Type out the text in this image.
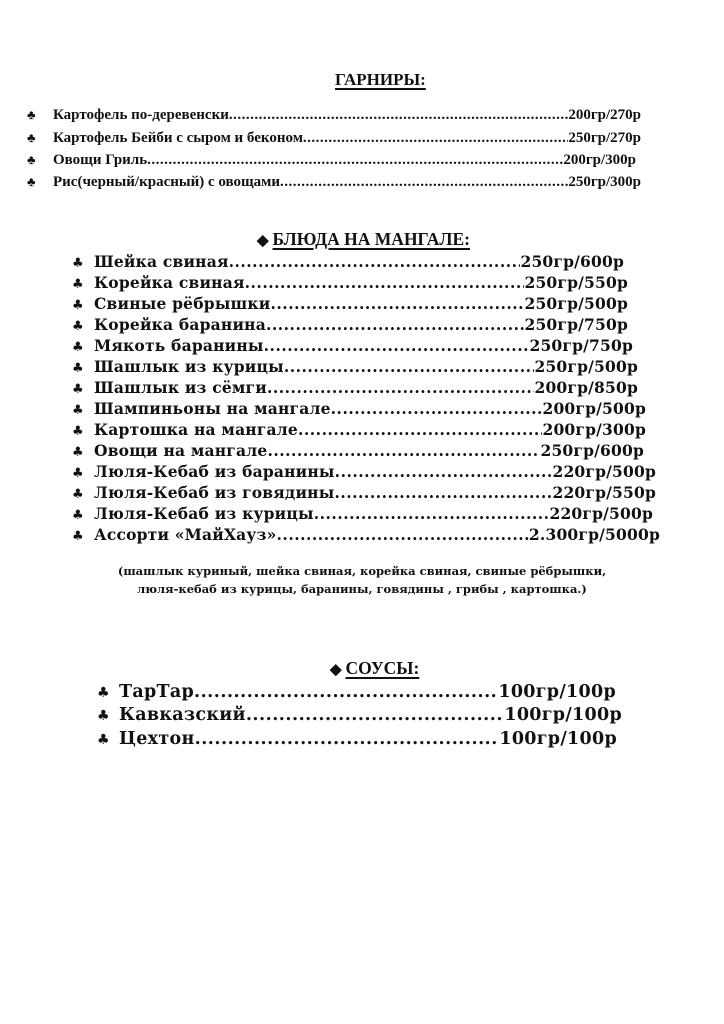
ГАРНИРЫ:
♣	Картофель по-деревенски .....	200гр/270р
♣	Картофель Бейби с сыром и беконом .....	250гр/270р
♣	Овощи Гриль .....	200гр/300р
♣	Рис(черный/красный) с овощами .....	250гр/300р
◆ БЛЮДА НА МАНГАЛЕ:
♣ Шейка свиная .....	250гр/600р
♣ Корейка свиная .....	250гр/550р
♣ Свиные рёбрышки .....	250гр/500р
♣ Корейка баранина .....	250гр/750р
♣ Мякоть баранины .....	250гр/750р
♣ Шашлык из курицы .....	250гр/500р
♣ Шашлык из сёмги .....	200гр/850р
♣ Шампиньоны на мангале .....	200гр/500р
♣ Картошка на мангале .....	200гр/300р
♣ Овощи на мангале .....	250гр/600р
♣ Люля-Кебаб из баранины .....	220гр/500р
♣ Люля-Кебаб из говядины .....	220гр/550р
♣ Люля-Кебаб из курицы .....	220гр/500р
♣ Ассорти «МайХауз» .....	2.300гр/5000р
(шашлык куриный, шейка свиная, корейка свиная, свиные рёбрышки,
люля-кебаб из курицы, баранины, говядины , грибы , картошка.)
◆ СОУСЫ:
♣ ТарТар .....	100гр/100р
♣ Кавказский .....	100гр/100р
♣ Цехтон .....	100гр/100р
